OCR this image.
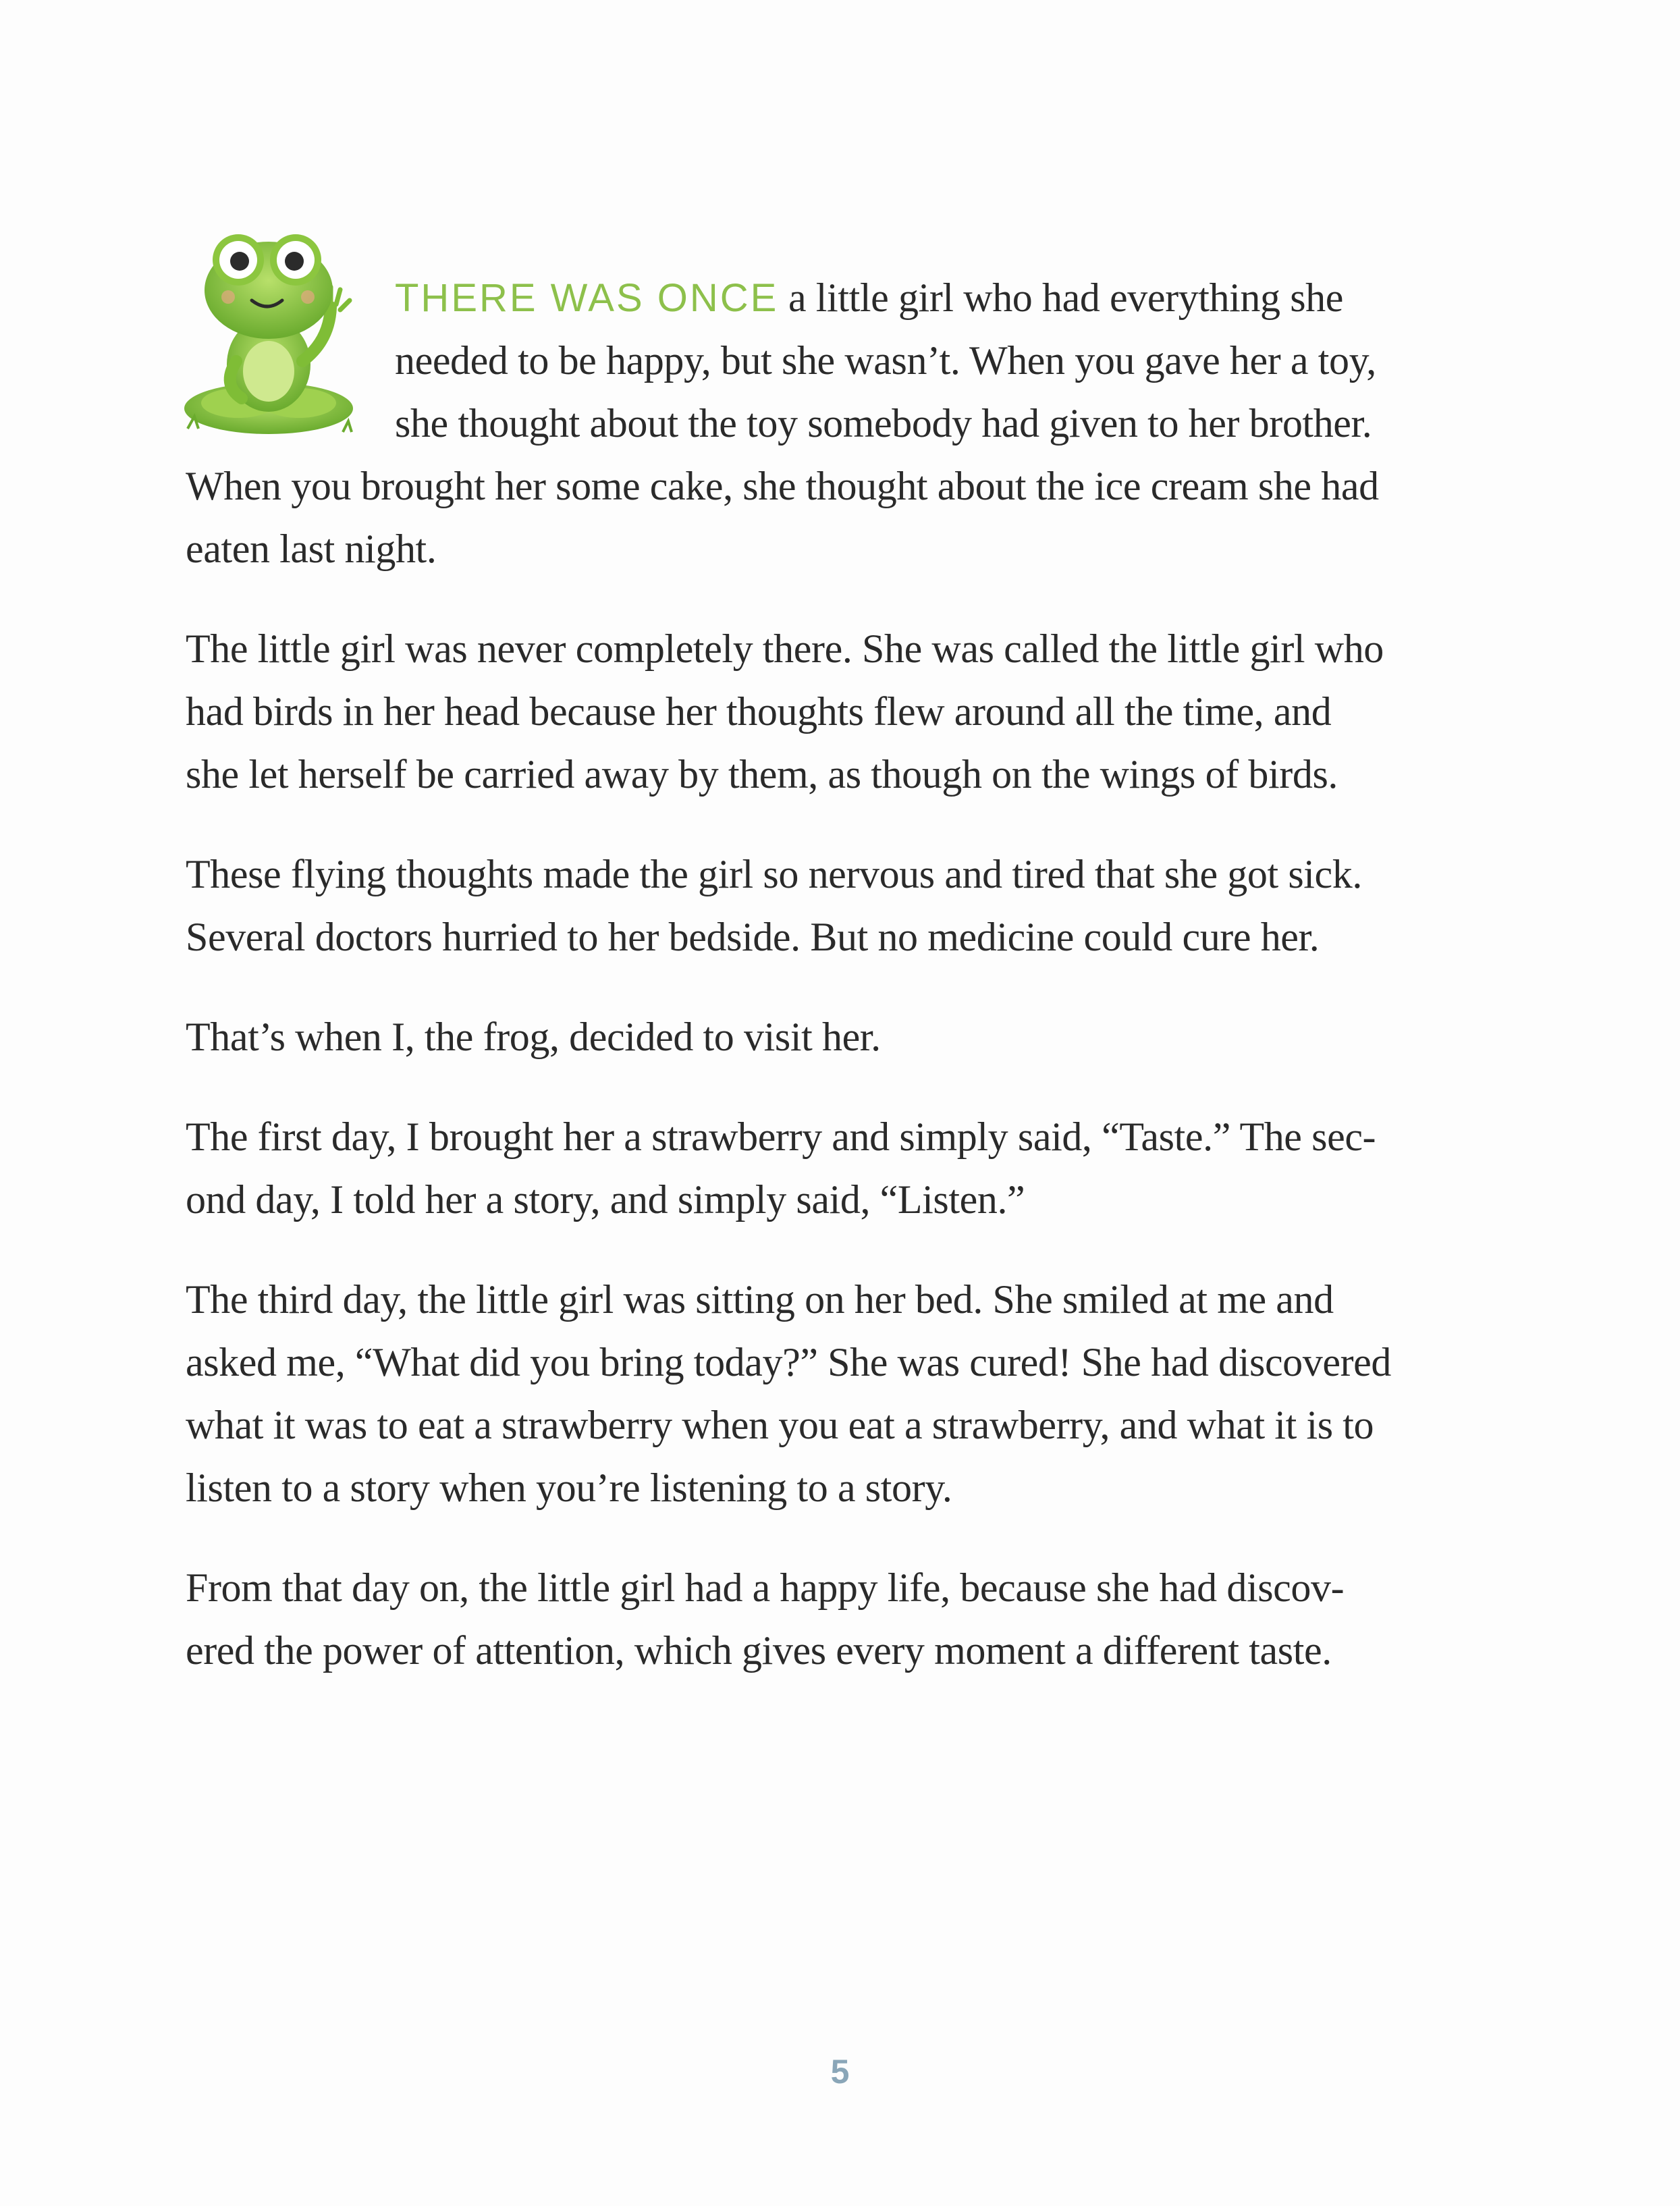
THERE WAS ONCE a little girl who had everything she
needed to be happy, but she wasn’t. When you gave her a toy,
she thought about the toy somebody had given to her brother.
When you brought her some cake, she thought about the ice cream she had
eaten last night.

The little girl was never completely there. She was called the little girl who
had birds in her head because her thoughts flew around all the time, and
she let herself be carried away by them, as though on the wings of birds.

These flying thoughts made the girl so nervous and tired that she got sick.
Several doctors hurried to her bedside. But no medicine could cure her.

That’s when I, the frog, decided to visit her.

The first day, I brought her a strawberry and simply said, “Taste.” The sec-
ond day, I told her a story, and simply said, “Listen.”

The third day, the little girl was sitting on her bed. She smiled at me and
asked me, “What did you bring today?” She was cured! She had discovered
what it was to eat a strawberry when you eat a strawberry, and what it is to
listen to a story when you’re listening to a story.

From that day on, the little girl had a happy life, because she had discov-
ered the power of attention, which gives every moment a different taste.

5
